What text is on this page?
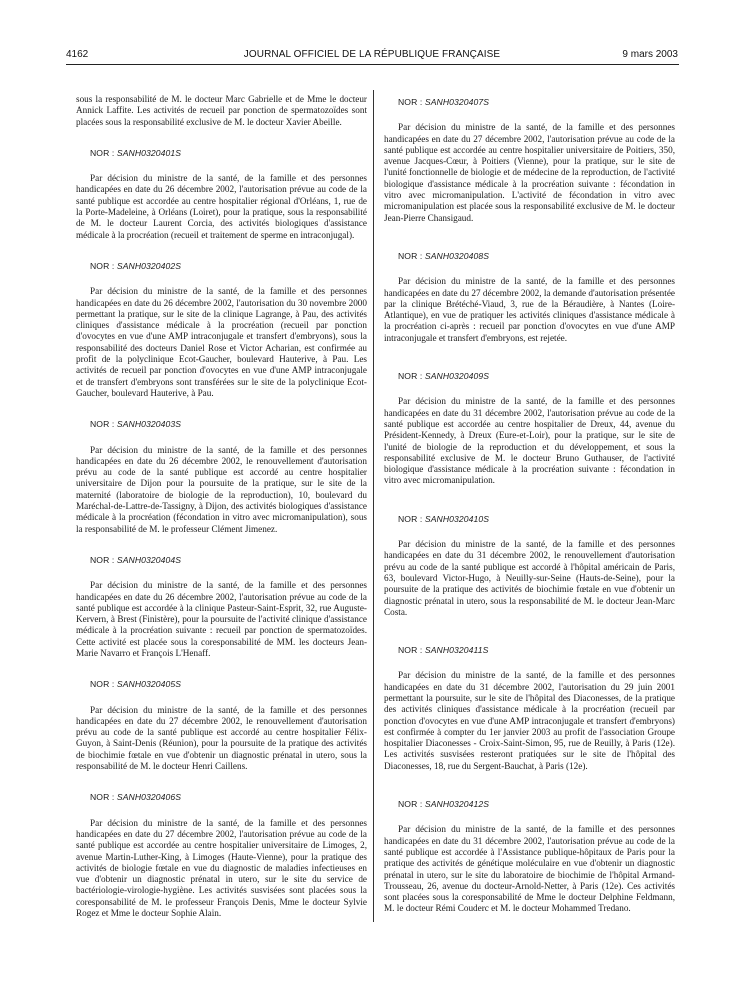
4162	JOURNAL OFFICIEL DE LA RÉPUBLIQUE FRANÇAISE	9 mars 2003

sous la responsabilité de M. le docteur Marc Gabrielle et de Mme le docteur Annick Laffite. Les activités de recueil par ponction de spermatozoïdes sont placées sous la responsabilité exclusive de M. le docteur Xavier Abeille.

NOR : SANH0320401S

Par décision du ministre de la santé, de la famille et des personnes handicapées en date du 26 décembre 2002, l'autorisation prévue au code de la santé publique est accordée au centre hospitalier régional d'Orléans, 1, rue de la Porte-Madeleine, à Orléans (Loiret), pour la pratique, sous la responsabilité de M. le docteur Laurent Corcia, des activités biologiques d'assistance médicale à la procréation (recueil et traitement de sperme en intraconjugal).

NOR : SANH0320402S

Par décision du ministre de la santé, de la famille et des personnes handicapées en date du 26 décembre 2002, l'autorisation du 30 novembre 2000 permettant la pratique, sur le site de la clinique Lagrange, à Pau, des activités cliniques d'assistance médicale à la procréation (recueil par ponction d'ovocytes en vue d'une AMP intraconjugale et transfert d'embryons), sous la responsabilité des docteurs Daniel Rose et Victor Acharian, est confirmée au profit de la polyclinique Ecot-Gaucher, boulevard Hauterive, à Pau. Les activités de recueil par ponction d'ovocytes en vue d'une AMP intraconjugale et de transfert d'embryons sont transférées sur le site de la polyclinique Ecot-Gaucher, boulevard Hauterive, à Pau.

NOR : SANH0320403S

Par décision du ministre de la santé, de la famille et des personnes handicapées en date du 26 décembre 2002, le renouvellement d'autorisation prévu au code de la santé publique est accordé au centre hospitalier universitaire de Dijon pour la poursuite de la pratique, sur le site de la maternité (laboratoire de biologie de la reproduction), 10, boulevard du Maréchal-de-Lattre-de-Tassigny, à Dijon, des activités biologiques d'assistance médicale à la procréation (fécondation in vitro avec micromanipulation), sous la responsabilité de M. le professeur Clément Jimenez.

NOR : SANH0320404S

Par décision du ministre de la santé, de la famille et des personnes handicapées en date du 26 décembre 2002, l'autorisation prévue au code de la santé publique est accordée à la clinique Pasteur-Saint-Esprit, 32, rue Auguste-Kervern, à Brest (Finistère), pour la poursuite de l'activité clinique d'assistance médicale à la procréation suivante : recueil par ponction de spermatozoïdes. Cette activité est placée sous la coresponsabilité de MM. les docteurs Jean-Marie Navarro et François L'Henaff.

NOR : SANH0320405S

Par décision du ministre de la santé, de la famille et des personnes handicapées en date du 27 décembre 2002, le renouvellement d'autorisation prévu au code de la santé publique est accordé au centre hospitalier Félix-Guyon, à Saint-Denis (Réunion), pour la poursuite de la pratique des activités de biochimie fœtale en vue d'obtenir un diagnostic prénatal in utero, sous la responsabilité de M. le docteur Henri Caillens.

NOR : SANH0320406S

Par décision du ministre de la santé, de la famille et des personnes handicapées en date du 27 décembre 2002, l'autorisation prévue au code de la santé publique est accordée au centre hospitalier universitaire de Limoges, 2, avenue Martin-Luther-King, à Limoges (Haute-Vienne), pour la pratique des activités de biologie fœtale en vue du diagnostic de maladies infectieuses en vue d'obtenir un diagnostic prénatal in utero, sur le site du service de bactériologie-virologie-hygiène. Les activités susvisées sont placées sous la coresponsabilité de M. le professeur François Denis, Mme le docteur Sylvie Rogez et Mme le docteur Sophie Alain.

NOR : SANH0320407S

Par décision du ministre de la santé, de la famille et des personnes handicapées en date du 27 décembre 2002, l'autorisation prévue au code de la santé publique est accordée au centre hospitalier universitaire de Poitiers, 350, avenue Jacques-Cœur, à Poitiers (Vienne), pour la pratique, sur le site de l'unité fonctionnelle de biologie et de médecine de la reproduction, de l'activité biologique d'assistance médicale à la procréation suivante : fécondation in vitro avec micromanipulation. L'activité de fécondation in vitro avec micromanipulation est placée sous la responsabilité exclusive de M. le docteur Jean-Pierre Chansigaud.

NOR : SANH0320408S

Par décision du ministre de la santé, de la famille et des personnes handicapées en date du 27 décembre 2002, la demande d'autorisation présentée par la clinique Brétéché-Viaud, 3, rue de la Béraudière, à Nantes (Loire-Atlantique), en vue de pratiquer les activités cliniques d'assistance médicale à la procréation ci-après : recueil par ponction d'ovocytes en vue d'une AMP intraconjugale et transfert d'embryons, est rejetée.

NOR : SANH0320409S

Par décision du ministre de la santé, de la famille et des personnes handicapées en date du 31 décembre 2002, l'autorisation prévue au code de la santé publique est accordée au centre hospitalier de Dreux, 44, avenue du Président-Kennedy, à Dreux (Eure-et-Loir), pour la pratique, sur le site de l'unité de biologie de la reproduction et du développement, et sous la responsabilité exclusive de M. le docteur Bruno Guthauser, de l'activité biologique d'assistance médicale à la procréation suivante : fécondation in vitro avec micromanipulation.

NOR : SANH0320410S

Par décision du ministre de la santé, de la famille et des personnes handicapées en date du 31 décembre 2002, le renouvellement d'autorisation prévu au code de la santé publique est accordé à l'hôpital américain de Paris, 63, boulevard Victor-Hugo, à Neuilly-sur-Seine (Hauts-de-Seine), pour la poursuite de la pratique des activités de biochimie fœtale en vue d'obtenir un diagnostic prénatal in utero, sous la responsabilité de M. le docteur Jean-Marc Costa.

NOR : SANH0320411S

Par décision du ministre de la santé, de la famille et des personnes handicapées en date du 31 décembre 2002, l'autorisation du 29 juin 2001 permettant la poursuite, sur le site de l'hôpital des Diaconesses, de la pratique des activités cliniques d'assistance médicale à la procréation (recueil par ponction d'ovocytes en vue d'une AMP intraconjugale et transfert d'embryons) est confirmée à compter du 1er janvier 2003 au profit de l'association Groupe hospitalier Diaconesses - Croix-Saint-Simon, 95, rue de Reuilly, à Paris (12e). Les activités susvisées resteront pratiquées sur le site de l'hôpital des Diaconesses, 18, rue du Sergent-Bauchat, à Paris (12e).

NOR : SANH0320412S

Par décision du ministre de la santé, de la famille et des personnes handicapées en date du 31 décembre 2002, l'autorisation prévue au code de la santé publique est accordée à l'Assistance publique-hôpitaux de Paris pour la pratique des activités de génétique moléculaire en vue d'obtenir un diagnostic prénatal in utero, sur le site du laboratoire de biochimie de l'hôpital Armand-Trousseau, 26, avenue du docteur-Arnold-Netter, à Paris (12e). Ces activités sont placées sous la coresponsabilité de Mme le docteur Delphine Feldmann, M. le docteur Rémi Couderc et M. le docteur Mohammed Tredano.
